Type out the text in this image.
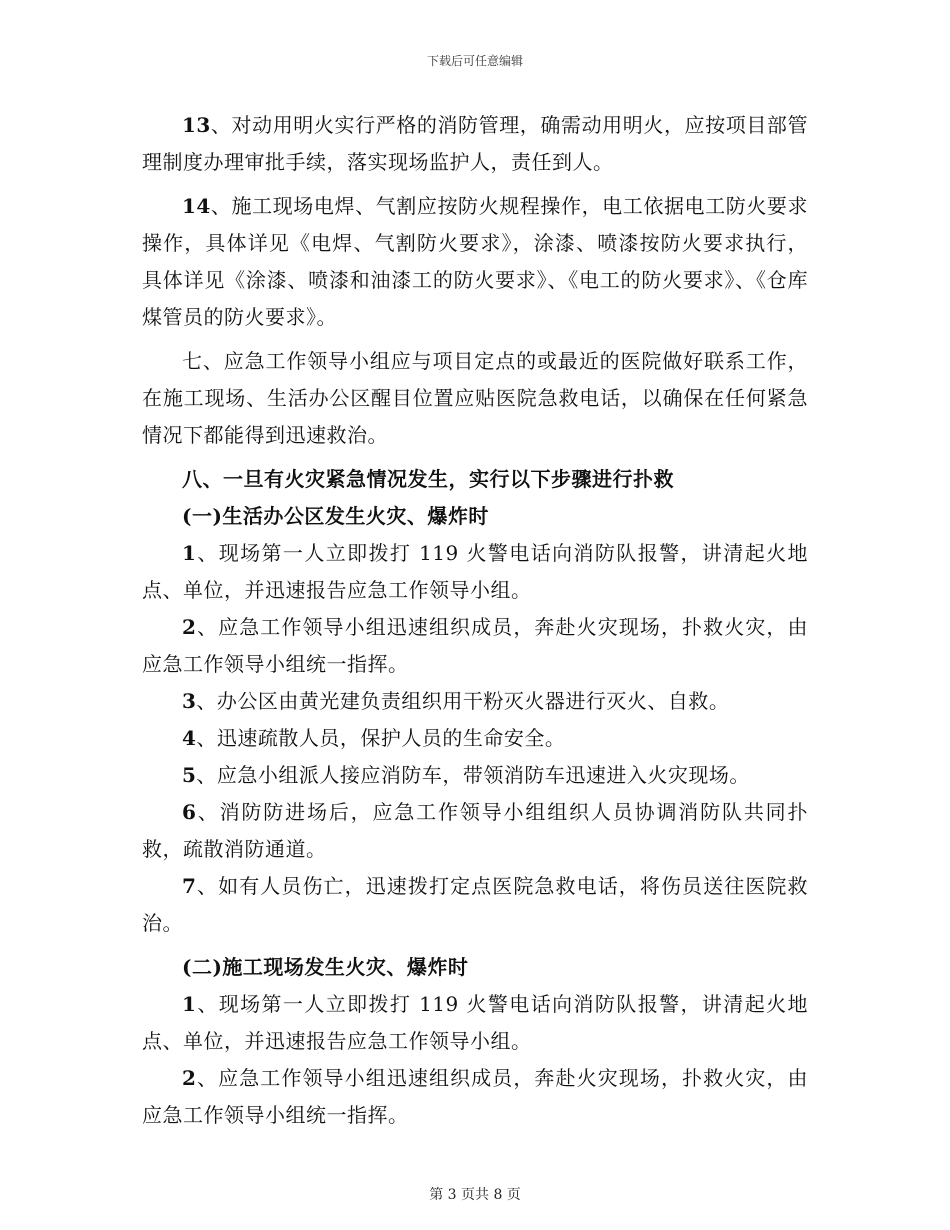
下载后可任意编辑

13、对动用明火实行严格的消防管理，确需动用明火，应按项目部管理制度办理审批手续，落实现场监护人，责任到人。

14、施工现场电焊、气割应按防火规程操作，电工依据电工防火要求操作，具体详见《电焊、气割防火要求》，涂漆、喷漆按防火要求执行，具体详见《涂漆、喷漆和油漆工的防火要求》、《电工的防火要求》、《仓库煤管员的防火要求》。

七、应急工作领导小组应与项目定点的或最近的医院做好联系工作，在施工现场、生活办公区醒目位置应贴医院急救电话，以确保在任何紧急情况下都能得到迅速救治。

八、一旦有火灾紧急情况发生，实行以下步骤进行扑救

(一)生活办公区发生火灾、爆炸时

1、现场第一人立即拨打 119 火警电话向消防队报警，讲清起火地点、单位，并迅速报告应急工作领导小组。

2、应急工作领导小组迅速组织成员，奔赴火灾现场，扑救火灾，由应急工作领导小组统一指挥。

3、办公区由黄光建负责组织用干粉灭火器进行灭火、自救。

4、迅速疏散人员，保护人员的生命安全。

5、应急小组派人接应消防车，带领消防车迅速进入火灾现场。

6、消防防进场后，应急工作领导小组组织人员协调消防队共同扑救，疏散消防通道。

7、如有人员伤亡，迅速拨打定点医院急救电话，将伤员送往医院救治。

(二)施工现场发生火灾、爆炸时

1、现场第一人立即拨打 119 火警电话向消防队报警，讲清起火地点、单位，并迅速报告应急工作领导小组。

2、应急工作领导小组迅速组织成员，奔赴火灾现场，扑救火灾，由应急工作领导小组统一指挥。

第 3 页共 8 页
